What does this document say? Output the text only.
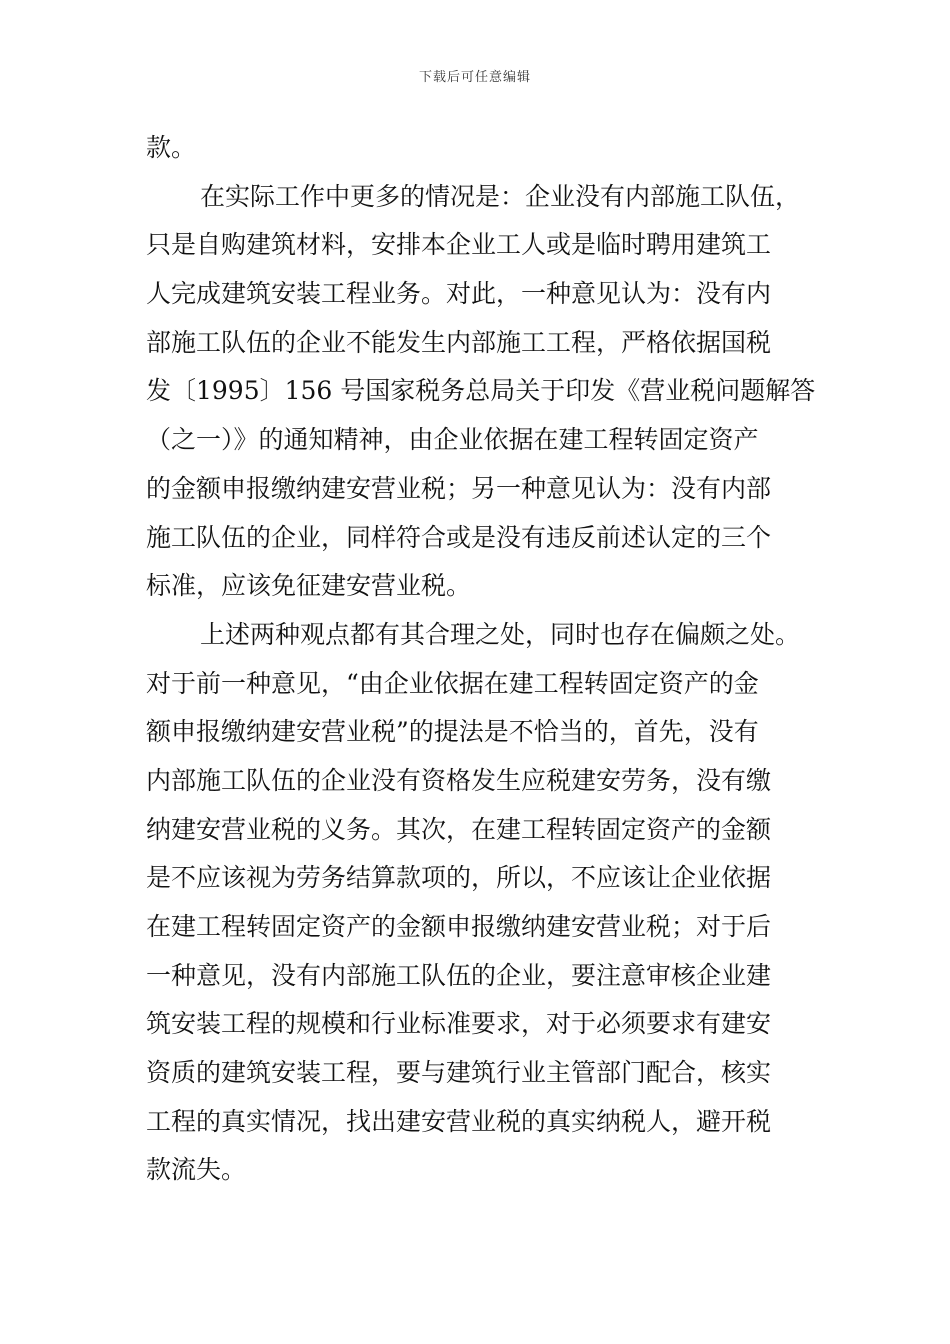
下载后可任意编辑
款。
在实际工作中更多的情况是：企业没有内部施工队伍，
只是自购建筑材料，安排本企业工人或是临时聘用建筑工
人完成建筑安装工程业务。对此，一种意见认为：没有内
部施工队伍的企业不能发生内部施工工程，严格依据国税
发〔1995〕156 号国家税务总局关于印发《营业税问题解答
（之一）》的通知精神，由企业依据在建工程转固定资产
的金额申报缴纳建安营业税；另一种意见认为：没有内部
施工队伍的企业，同样符合或是没有违反前述认定的三个
标准，应该免征建安营业税。
上述两种观点都有其合理之处，同时也存在偏颇之处。
对于前一种意见，“由企业依据在建工程转固定资产的金
额申报缴纳建安营业税”的提法是不恰当的，首先，没有
内部施工队伍的企业没有资格发生应税建安劳务，没有缴
纳建安营业税的义务。其次，在建工程转固定资产的金额
是不应该视为劳务结算款项的，所以，不应该让企业依据
在建工程转固定资产的金额申报缴纳建安营业税；对于后
一种意见，没有内部施工队伍的企业，要注意审核企业建
筑安装工程的规模和行业标准要求，对于必须要求有建安
资质的建筑安装工程，要与建筑行业主管部门配合，核实
工程的真实情况，找出建安营业税的真实纳税人，避开税
款流失。
